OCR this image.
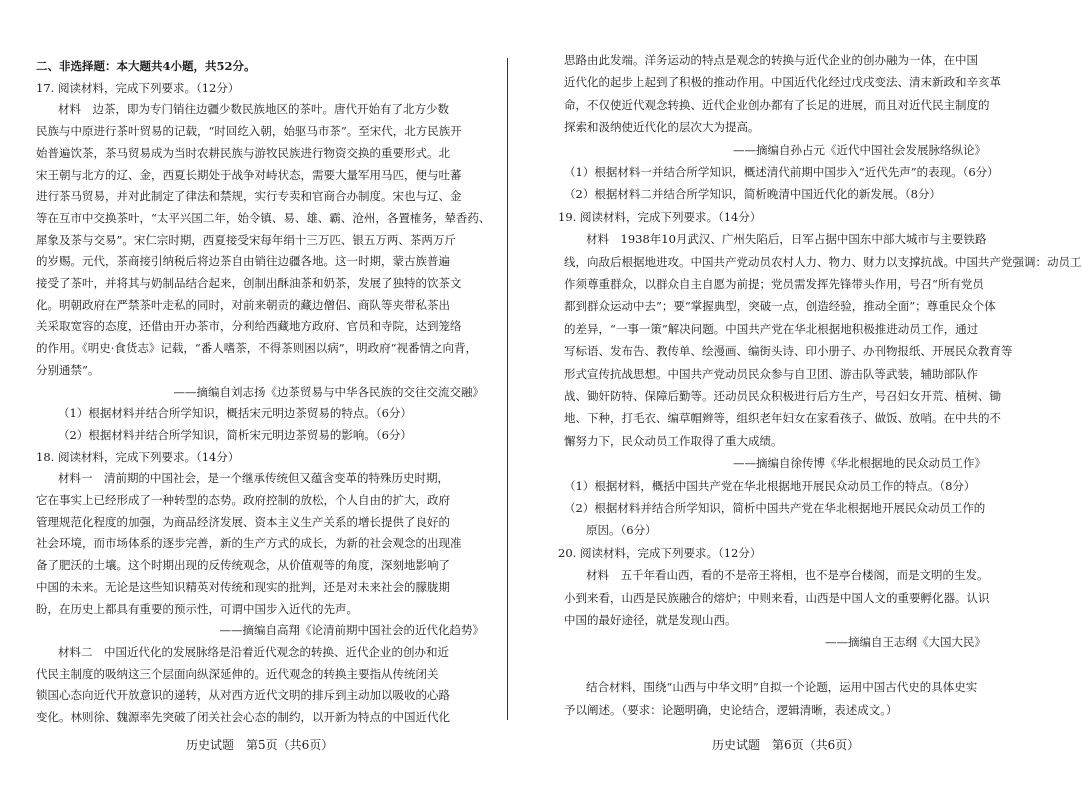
二、非选择题：本大题共4小题，共52分。
17. 阅读材料，完成下列要求。（12分）
材料　边茶，即为专门销往边疆少数民族地区的茶叶。唐代开始有了北方少数
民族与中原进行茶叶贸易的记载，“时回纥入朝，始驱马市茶”。至宋代，北方民族开
始普遍饮茶，茶马贸易成为当时农耕民族与游牧民族进行物资交换的重要形式。北
宋王朝与北方的辽、金，西夏长期处于战争对峙状态，需要大量军用马匹，便与吐蕃
进行茶马贸易，并对此制定了律法和禁规，实行专卖和官商合办制度。宋也与辽、金
等在互市中交换茶叶，“太平兴国二年，始令镇、易、雄、霸、沧州，各置榷务，辇香药、
犀象及茶与交易”。宋仁宗时期，西夏接受宋每年绢十三万匹、银五万两、茶两万斤
的岁赐。元代，茶商接引纳税后将边茶自由销往边疆各地。这一时期，蒙古族普遍
接受了茶叶，并将其与奶制品结合起来，创制出酥油茶和奶茶，发展了独特的饮茶文
化。明朝政府在严禁茶叶走私的同时，对前来朝贡的藏边僧侣、商队等夹带私茶出
关采取宽容的态度，还借由开办茶市，分利给西藏地方政府、官员和寺院，达到笼络
的作用。《明史·食货志》记载，“番人嗜茶，不得茶则困以病”，明政府“视番情之向背，
分别通禁”。
——摘编自刘志扬《边茶贸易与中华各民族的交往交流交融》
（1）根据材料并结合所学知识，概括宋元明边茶贸易的特点。（6分）
（2）根据材料并结合所学知识，简析宋元明边茶贸易的影响。（6分）
18. 阅读材料，完成下列要求。（14分）
材料一　清前期的中国社会，是一个继承传统但又蕴含变革的特殊历史时期，
它在事实上已经形成了一种转型的态势。政府控制的放松，个人自由的扩大，政府
管理规范化程度的加强，为商品经济发展、资本主义生产关系的增长提供了良好的
社会环境，而市场体系的逐步完善，新的生产方式的成长，为新的社会观念的出现准
备了肥沃的土壤。这个时期出现的反传统观念，从价值观等的角度，深刻地影响了
中国的未来。无论是这些知识精英对传统和现实的批判，还是对未来社会的朦胧期
盼，在历史上都具有重要的预示性，可谓中国步入近代的先声。
——摘编自高翔《论清前期中国社会的近代化趋势》
材料二　中国近代化的发展脉络是沿着近代观念的转换、近代企业的创办和近
代民主制度的吸纳这三个层面向纵深延伸的。近代观念的转换主要指从传统闭关
锁国心态向近代开放意识的递转，从对西方近代文明的排斥到主动加以吸收的心路
变化。林则徐、魏源率先突破了闭关社会心态的制约，以开新为特点的中国近代化
思路由此发端。洋务运动的特点是观念的转换与近代企业的创办融为一体，在中国
近代化的起步上起到了积极的推动作用。中国近代化经过戊戌变法、清末新政和辛亥革
命，不仅使近代观念转换、近代企业创办都有了长足的进展，而且对近代民主制度的
探索和汲纳使近代化的层次大为提高。
——摘编自孙占元《近代中国社会发展脉络纵论》
（1）根据材料一并结合所学知识，概述清代前期中国步入“近代先声”的表现。（6分）
（2）根据材料二并结合所学知识，简析晚清中国近代化的新发展。（8分）
19. 阅读材料，完成下列要求。（14分）
材料　1938年10月武汉、广州失陷后，日军占据中国东中部大城市与主要铁路
线，向敌后根据地进攻。中国共产党动员农村人力、物力、财力以支撑抗战。中国共产党强调：动员工
作须尊重群众，以群众自主自愿为前提；党员需发挥先锋带头作用，号召“所有党员
都到群众运动中去”；要“掌握典型，突破一点，创造经验，推动全面”；尊重民众个体
的差异，“一事一策”解决问题。中国共产党在华北根据地积极推进动员工作，通过
写标语、发布告、教传单、绘漫画、编街头诗、印小册子、办刊物报纸、开展民众教育等
形式宣传抗战思想。中国共产党动员民众参与自卫团、游击队等武装，辅助部队作
战、锄奸防特、保障后勤等。还动员民众积极进行后方生产，号召妇女开荒、植树、锄
地、下种，打毛衣、编草帽辫等，组织老年妇女在家看孩子、做饭、放哨。在中共的不
懈努力下，民众动员工作取得了重大成绩。
——摘编自徐传博《华北根据地的民众动员工作》
（1）根据材料，概括中国共产党在华北根据地开展民众动员工作的特点。（8分）
（2）根据材料并结合所学知识，简析中国共产党在华北根据地开展民众动员工作的
原因。（6分）
20. 阅读材料，完成下列要求。（12分）
材料　五千年看山西，看的不是帝王将相，也不是亭台楼阁，而是文明的生发。
小到来看，山西是民族融合的熔炉；中则来看，山西是中国人文的重要孵化器。认识
中国的最好途径，就是发现山西。
——摘编自王志纲《大国大民》
结合材料，围绕“山西与中华文明”自拟一个论题，运用中国古代史的具体史实
予以阐述。（要求：论题明确，史论结合，逻辑清晰，表述成文。）
历史试题　第5页（共6页）	历史试题　第6页（共6页）
